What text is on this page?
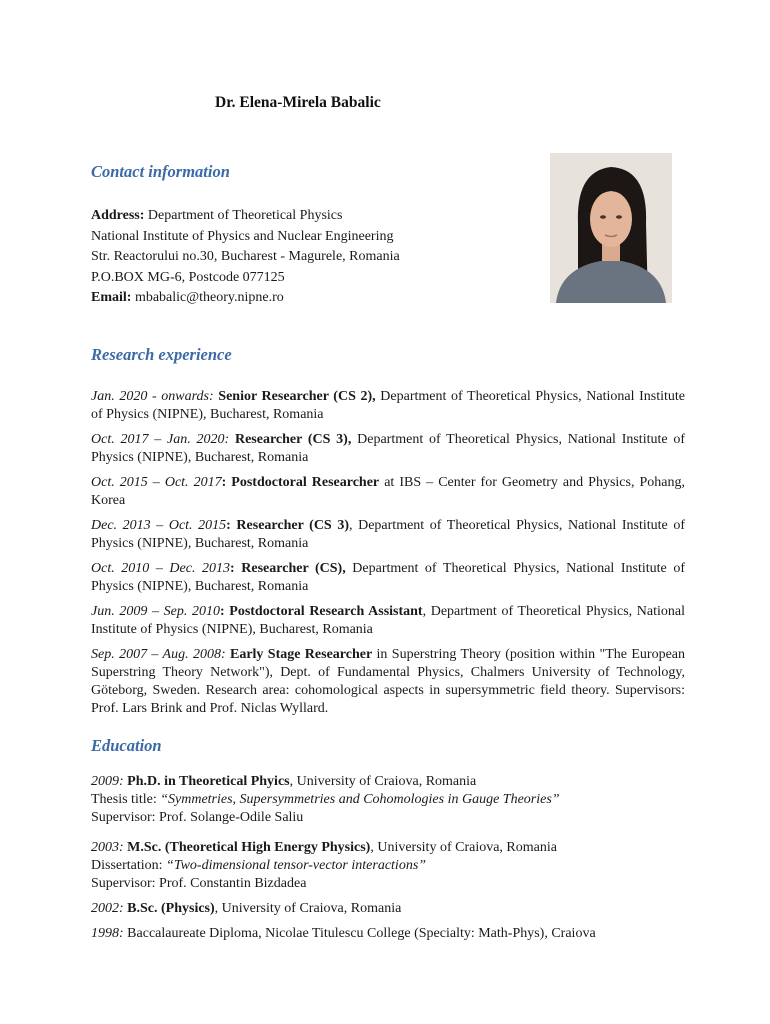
Dr. Elena-Mirela Babalic
Contact information
Address: Department of Theoretical Physics
National Institute of Physics and Nuclear Engineering
Str. Reactorului no.30, Bucharest - Magurele, Romania
P.O.BOX MG-6, Postcode 077125
Email: mbabalic@theory.nipne.ro
Research experience
Jan. 2020 - onwards: Senior Researcher (CS 2), Department of Theoretical Physics, National Institute of Physics (NIPNE), Bucharest, Romania
Oct. 2017 – Jan. 2020: Researcher (CS 3), Department of Theoretical Physics, National Institute of Physics (NIPNE), Bucharest, Romania
Oct. 2015 – Oct. 2017: Postdoctoral Researcher at IBS – Center for Geometry and Physics, Pohang, Korea
Dec. 2013 – Oct. 2015: Researcher (CS 3), Department of Theoretical Physics, National Institute of Physics (NIPNE), Bucharest, Romania
Oct. 2010 – Dec. 2013: Researcher (CS), Department of Theoretical Physics, National Institute of Physics (NIPNE), Bucharest, Romania
Jun. 2009 – Sep. 2010: Postdoctoral Research Assistant, Department of Theoretical Physics, National Institute of Physics (NIPNE), Bucharest, Romania
Sep. 2007 – Aug. 2008: Early Stage Researcher in Superstring Theory (position within "The European Superstring Theory Network"), Dept. of Fundamental Physics, Chalmers University of Technology, Göteborg, Sweden. Research area: cohomological aspects in supersymmetric field theory. Supervisors: Prof. Lars Brink and Prof. Niclas Wyllard.
Education
2009: Ph.D. in Theoretical Phyics, University of Craiova, Romania
Thesis title: “Symmetries, Supersymmetries and Cohomologies in Gauge Theories”
Supervisor: Prof. Solange-Odile Saliu
2003: M.Sc. (Theoretical High Energy Physics), University of Craiova, Romania
Dissertation: “Two-dimensional tensor-vector interactions”
Supervisor: Prof. Constantin Bizdadea
2002: B.Sc. (Physics), University of Craiova, Romania
1998: Baccalaureate Diploma, Nicolae Titulescu College (Specialty: Math-Phys), Craiova
